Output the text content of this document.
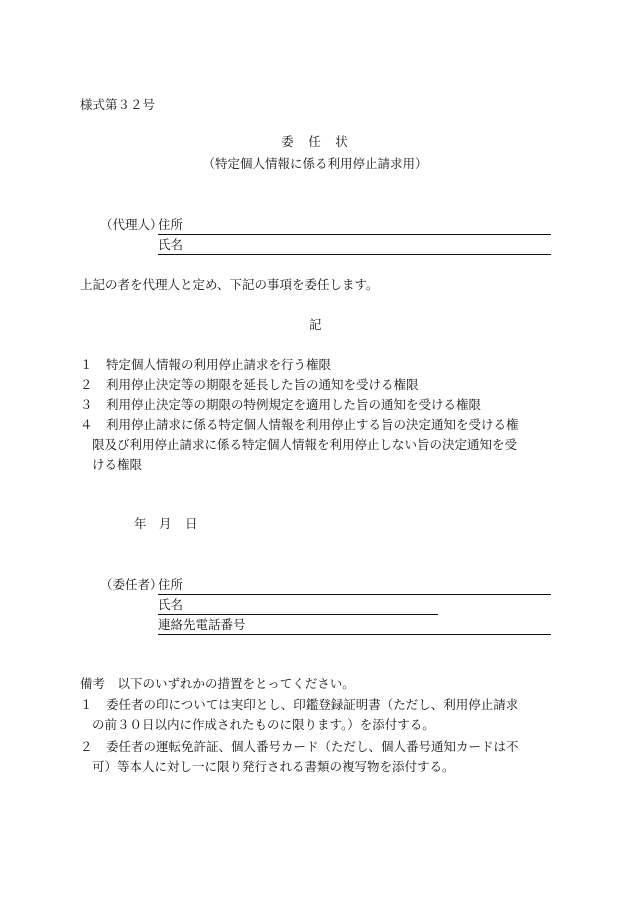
様式第３２号
委　任　状
（特定個人情報に係る利用停止請求用）
（代理人）
住所
氏名
上記の者を代理人と定め、下記の事項を委任します。
記
１	特定個人情報の利用停止請求を行う権限
２	利用停止決定等の期限を延長した旨の通知を受ける権限
３	利用停止決定等の期限の特例規定を適用した旨の通知を受ける権限
４	利用停止請求に係る特定個人情報を利用停止する旨の決定通知を受ける権
限及び利用停止請求に係る特定個人情報を利用停止しない旨の決定通知を受
ける権限
年 月 日
（委任者）
住所
氏名
連絡先電話番号
備考　以下のいずれかの措置をとってください。
１	委任者の印については実印とし、印鑑登録証明書（ただし、利用停止請求
の前３０日以内に作成されたものに限ります。）を添付する。
２	委任者の運転免許証、個人番号カード（ただし、個人番号通知カードは不
可）等本人に対し一に限り発行される書類の複写物を添付する。
